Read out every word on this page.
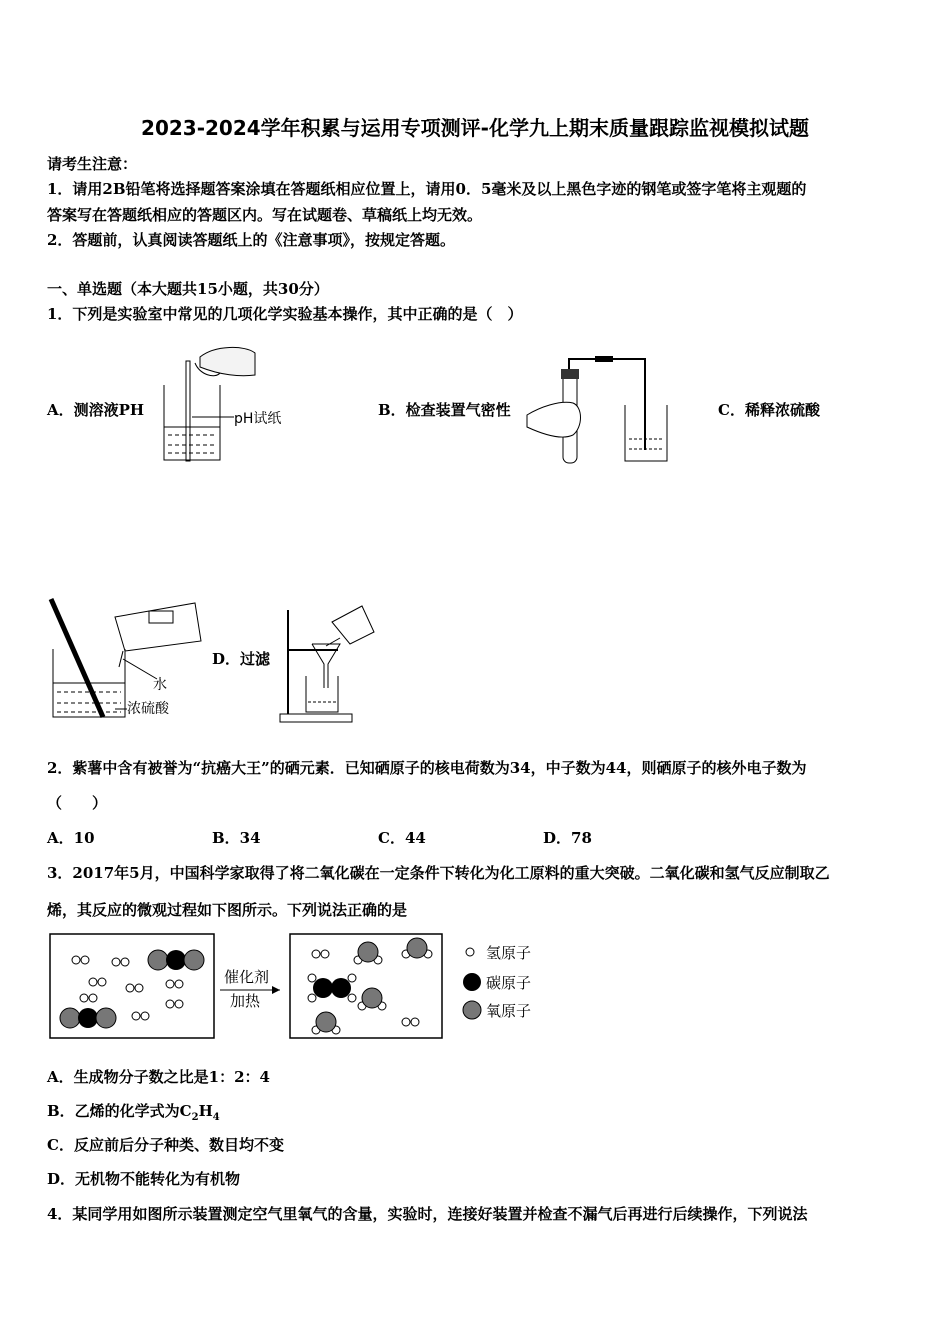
2023-2024学年积累与运用专项测评-化学九上期末质量跟踪监视模拟试题
请考生注意：
1．请用2B铅笔将选择题答案涂填在答题纸相应位置上，请用0．5毫米及以上黑色字迹的钢笔或签字笔将主观题的
答案写在答题纸相应的答题区内。写在试题卷、草稿纸上均无效。
2．答题前，认真阅读答题纸上的《注意事项》，按规定答题。
一、单选题（本大题共15小题，共30分）
1．下列是实验室中常见的几项化学实验基本操作，其中正确的是（　）
pH试纸
A．测溶液PH	B．检查装置气密性	C．稀释浓硫酸
水
浓硫酸
D．过滤
2．紫薯中含有被誉为“抗癌大王”的硒元素．已知硒原子的核电荷数为34，中子数为44，则硒原子的核外电子数为
（　　）
A．10	B．34	C．44	D．78
3．2017年5月，中国科学家取得了将二氧化碳在一定条件下转化为化工原料的重大突破。二氧化碳和氢气反应制取乙
烯，其反应的微观过程如下图所示。下列说法正确的是
催化剂
加热
氢原子
碳原子
氧原子
A．生成物分子数之比是1：2：4
B．乙烯的化学式为$C_2H_4$
C．反应前后分子种类、数目均不变
D．无机物不能转化为有机物
4．某同学用如图所示装置测定空气里氧气的含量，实验时，连接好装置并检查不漏气后再进行后续操作，下列说法
